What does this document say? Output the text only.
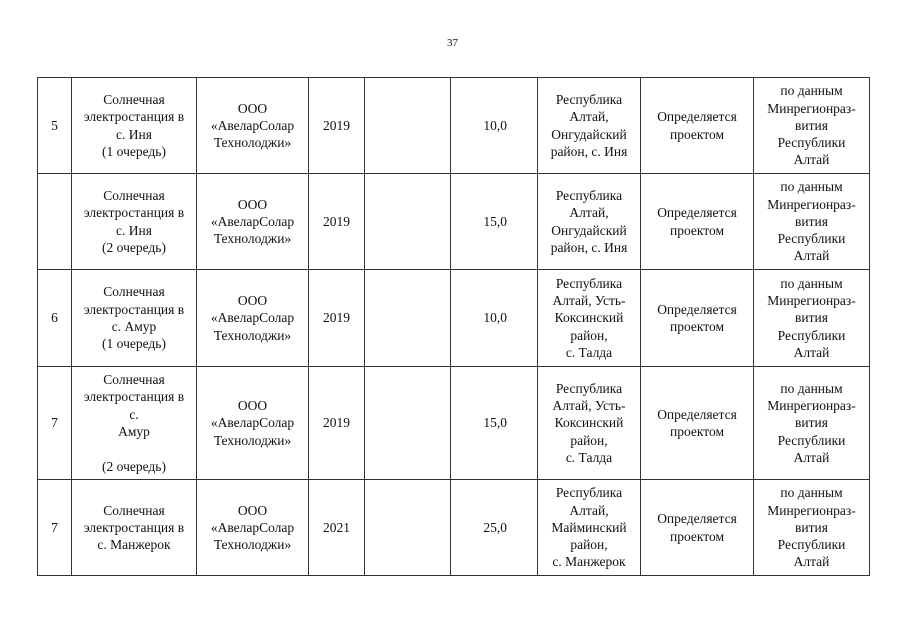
37
5	Солнечная
электростанция в
с. Иня
(1 очередь)	ООО
«АвеларСолар
Технолоджи»	2019		10,0	Республика
Алтай,
Онгудайский
район, с. Иня	Определяется
проектом	по данным
Минрегионраз-
вития
Республики
Алтай
	Солнечная
электростанция в
с. Иня
(2 очередь)	ООО
«АвеларСолар
Технолоджи»	2019		15,0	Республика
Алтай,
Онгудайский
район, с. Иня	Определяется
проектом	по данным
Минрегионраз-
вития
Республики
Алтай
6	Солнечная
электростанция в
с. Амур
(1 очередь)	ООО
«АвеларСолар
Технолоджи»	2019		10,0	Республика
Алтай, Усть-
Коксинский
район,
с. Талда	Определяется
проектом	по данным
Минрегионраз-
вития
Республики
Алтай
7	Солнечная
электростанция в
с.
Амур

(2 очередь)	ООО
«АвеларСолар
Технолоджи»	2019		15,0	Республика
Алтай, Усть-
Коксинский
район,
с. Талда	Определяется
проектом	по данным
Минрегионраз-
вития
Республики
Алтай
7	Солнечная
электростанция в
с. Манжерок	ООО
«АвеларСолар
Технолоджи»	2021		25,0	Республика
Алтай,
Майминский
район,
с. Манжерок	Определяется
проектом	по данным
Минрегионраз-
вития
Республики
Алтай
